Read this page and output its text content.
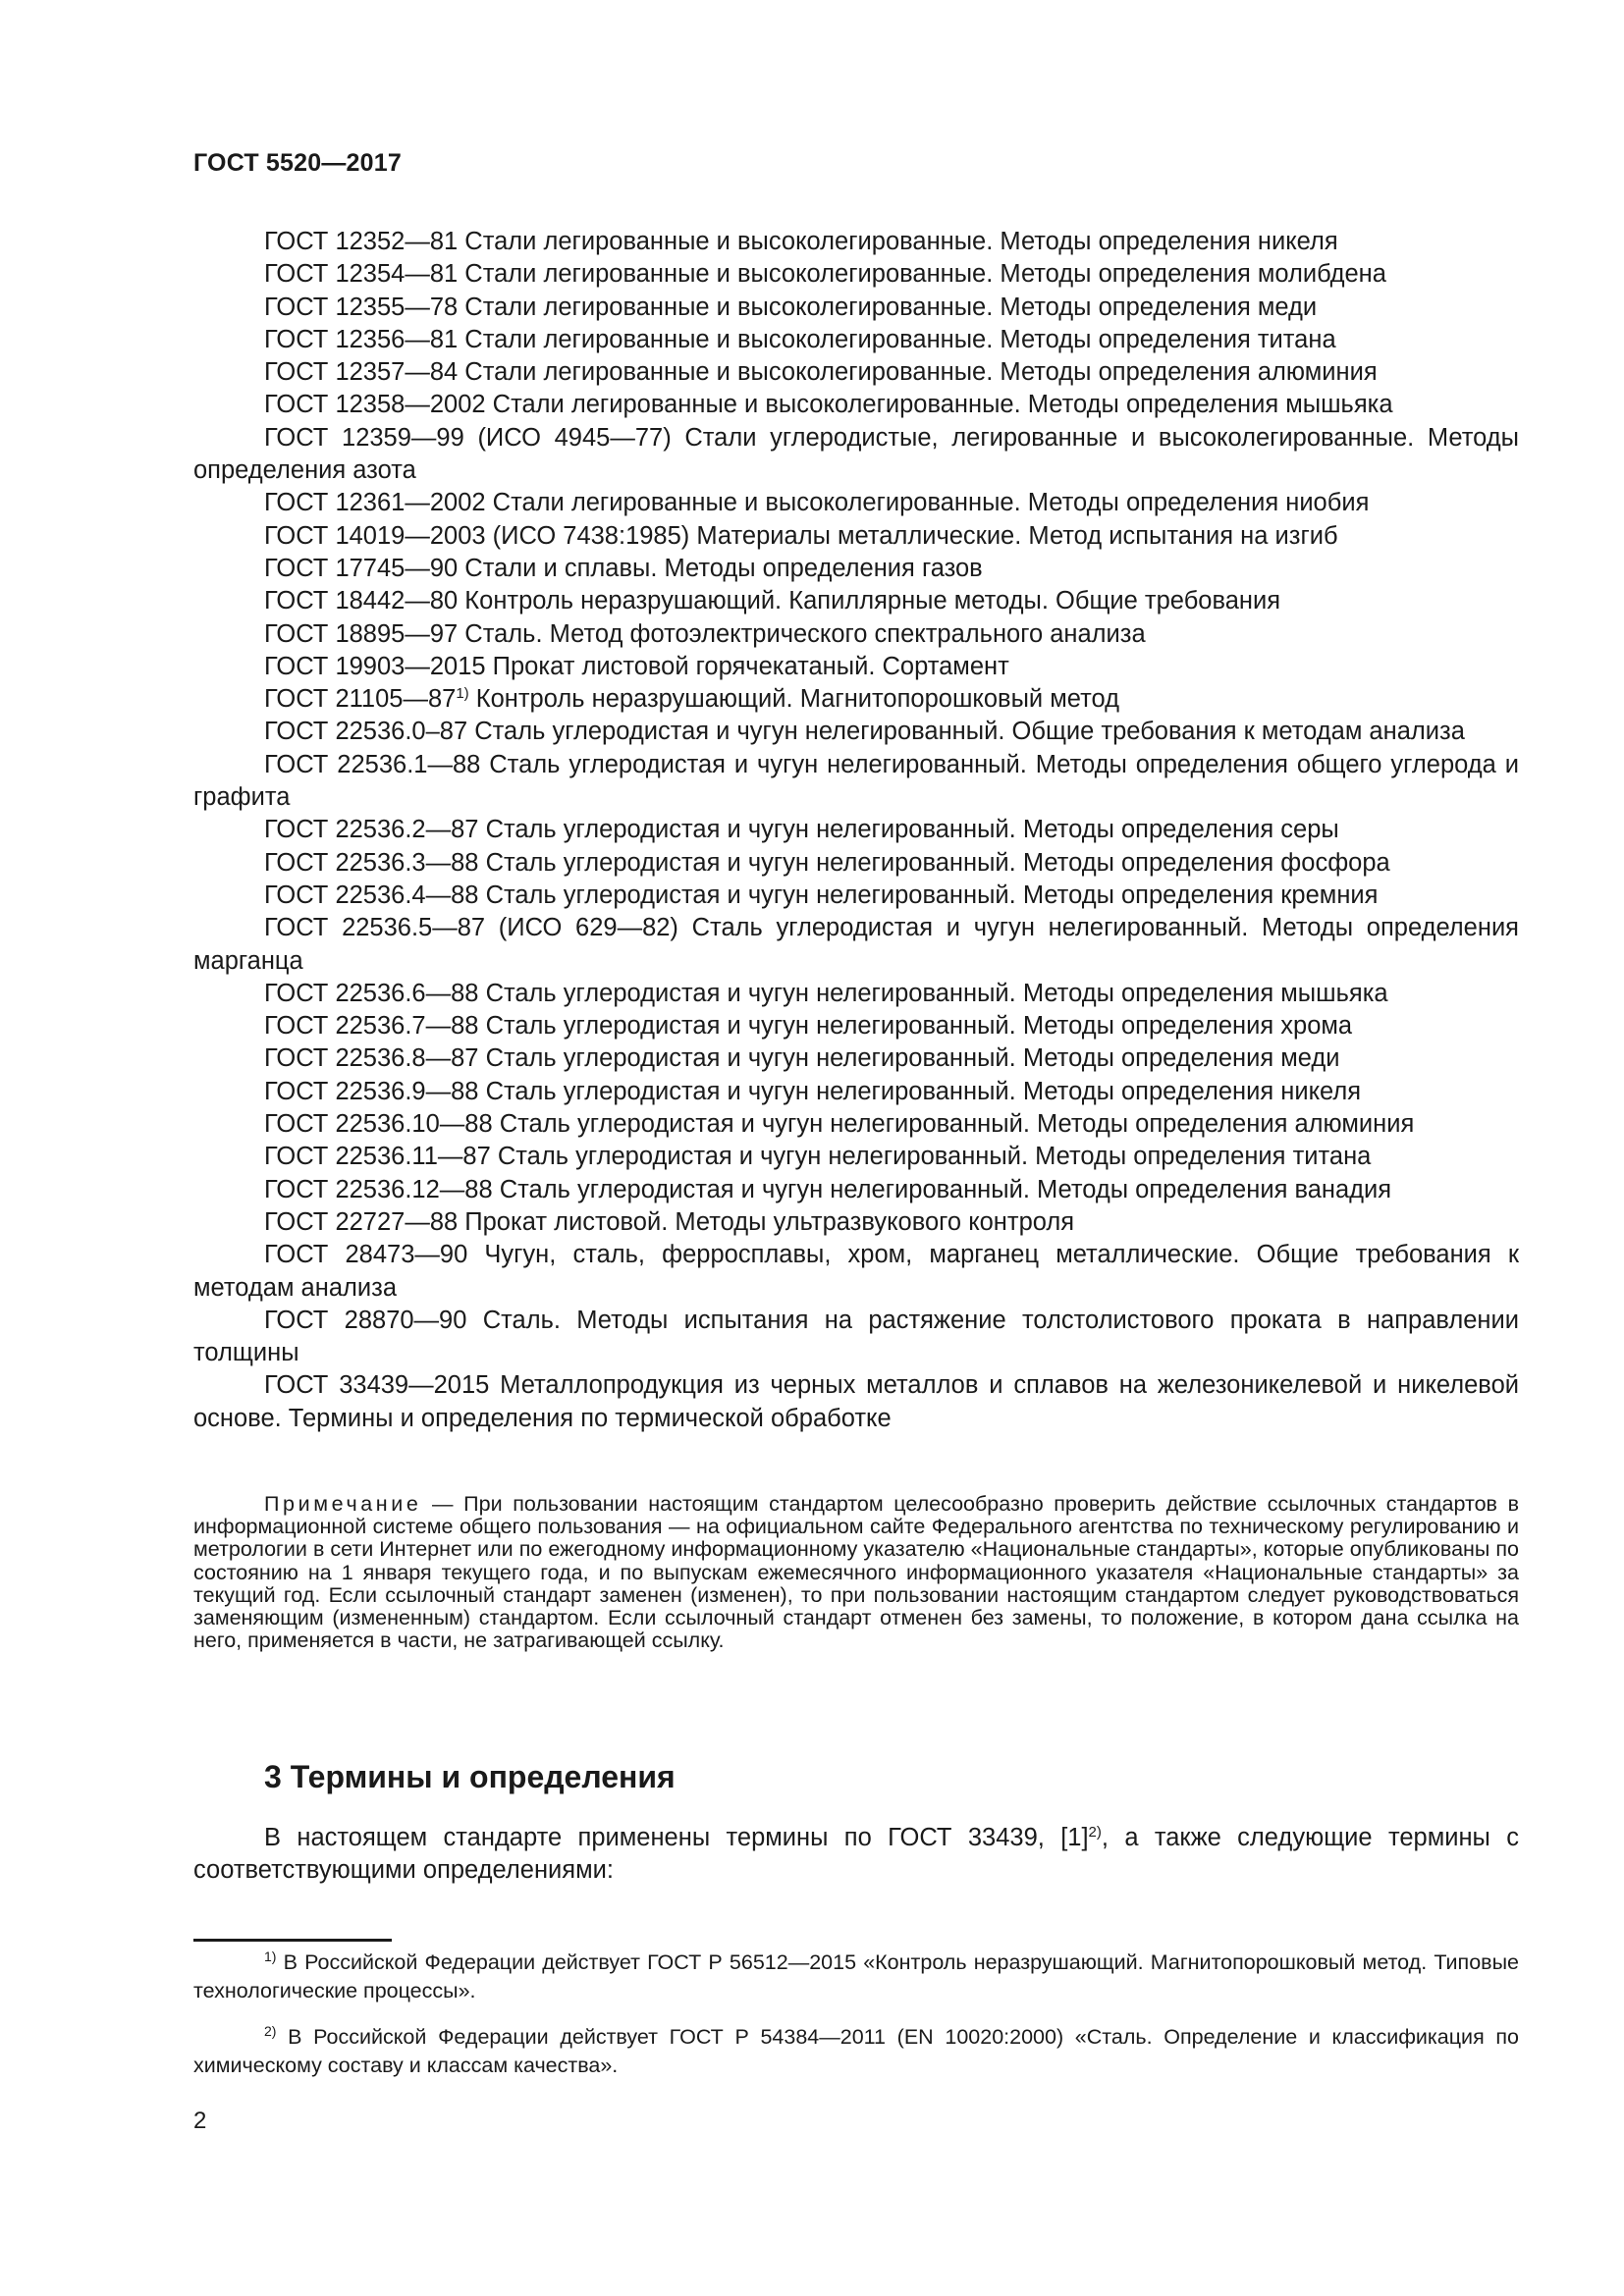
ГОСТ 5520—2017
ГОСТ 12352—81 Стали легированные и высоколегированные. Методы определения никеля
ГОСТ 12354—81 Стали легированные и высоколегированные. Методы определения молибдена
ГОСТ 12355—78 Стали легированные и высоколегированные. Методы определения меди
ГОСТ 12356—81 Стали легированные и высоколегированные. Методы определения титана
ГОСТ 12357—84 Стали легированные и высоколегированные. Методы определения алюминия
ГОСТ 12358—2002 Стали легированные и высоколегированные. Методы определения мышьяка
ГОСТ 12359—99 (ИСО 4945—77) Стали углеродистые, легированные и высоколегированные. Методы определения азота
ГОСТ 12361—2002 Стали легированные и высоколегированные. Методы определения ниобия
ГОСТ 14019—2003 (ИСО 7438:1985) Материалы металлические. Метод испытания на изгиб
ГОСТ 17745—90 Стали и сплавы. Методы определения газов
ГОСТ 18442—80 Контроль неразрушающий. Капиллярные методы. Общие требования
ГОСТ 18895—97 Сталь. Метод фотоэлектрического спектрального анализа
ГОСТ 19903—2015 Прокат листовой горячекатаный. Сортамент
ГОСТ 21105—87$^{1)}$ Контроль неразрушающий. Магнитопорошковый метод
ГОСТ 22536.0–87 Сталь углеродистая и чугун нелегированный. Общие требования к методам анализа
ГОСТ 22536.1—88 Сталь углеродистая и чугун нелегированный. Методы определения общего углерода и графита
ГОСТ 22536.2—87 Сталь углеродистая и чугун нелегированный. Методы определения серы
ГОСТ 22536.3—88 Сталь углеродистая и чугун нелегированный. Методы определения фосфора
ГОСТ 22536.4—88 Сталь углеродистая и чугун нелегированный. Методы определения кремния
ГОСТ 22536.5—87 (ИСО 629—82) Сталь углеродистая и чугун нелегированный. Методы определения марганца
ГОСТ 22536.6—88 Сталь углеродистая и чугун нелегированный. Методы определения мышьяка
ГОСТ 22536.7—88 Сталь углеродистая и чугун нелегированный. Методы определения хрома
ГОСТ 22536.8—87 Сталь углеродистая и чугун нелегированный. Методы определения меди
ГОСТ 22536.9—88 Сталь углеродистая и чугун нелегированный. Методы определения никеля
ГОСТ 22536.10—88 Сталь углеродистая и чугун нелегированный. Методы определения алюминия
ГОСТ 22536.11—87 Сталь углеродистая и чугун нелегированный. Методы определения титана
ГОСТ 22536.12—88 Сталь углеродистая и чугун нелегированный. Методы определения ванадия
ГОСТ 22727—88 Прокат листовой. Методы ультразвукового контроля
ГОСТ 28473—90 Чугун, сталь, ферросплавы, хром, марганец металлические. Общие требования к методам анализа
ГОСТ 28870—90 Сталь. Методы испытания на растяжение толстолистового проката в направлении толщины
ГОСТ 33439—2015 Металлопродукция из черных металлов и сплавов на железоникелевой и никелевой основе. Термины и определения по термической обработке
Примечание — При пользовании настоящим стандартом целесообразно проверить действие ссылочных стандартов в информационной системе общего пользования — на официальном сайте Федерального агентства по техническому регулированию и метрологии в сети Интернет или по ежегодному информационному указателю «Национальные стандарты», которые опубликованы по состоянию на 1 января текущего года, и по выпускам ежемесячного информационного указателя «Национальные стандарты» за текущий год. Если ссылочный стандарт заменен (изменен), то при пользовании настоящим стандартом следует руководствоваться заменяющим (измененным) стандартом. Если ссылочный стандарт отменен без замены, то положение, в котором дана ссылка на него, применяется в части, не затрагивающей ссылку.
3 Термины и определения
В настоящем стандарте применены термины по ГОСТ 33439, $[1]^{2)}$, а также следующие термины с соответствующими определениями:
$^{1)}$ В Российской Федерации действует ГОСТ Р 56512—2015 «Контроль неразрушающий. Магнитопорошковый метод. Типовые технологические процессы».
$^{2)}$ В Российской Федерации действует ГОСТ Р 54384—2011 (EN 10020:2000) «Сталь. Определение и классификация по химическому составу и классам качества».
2
